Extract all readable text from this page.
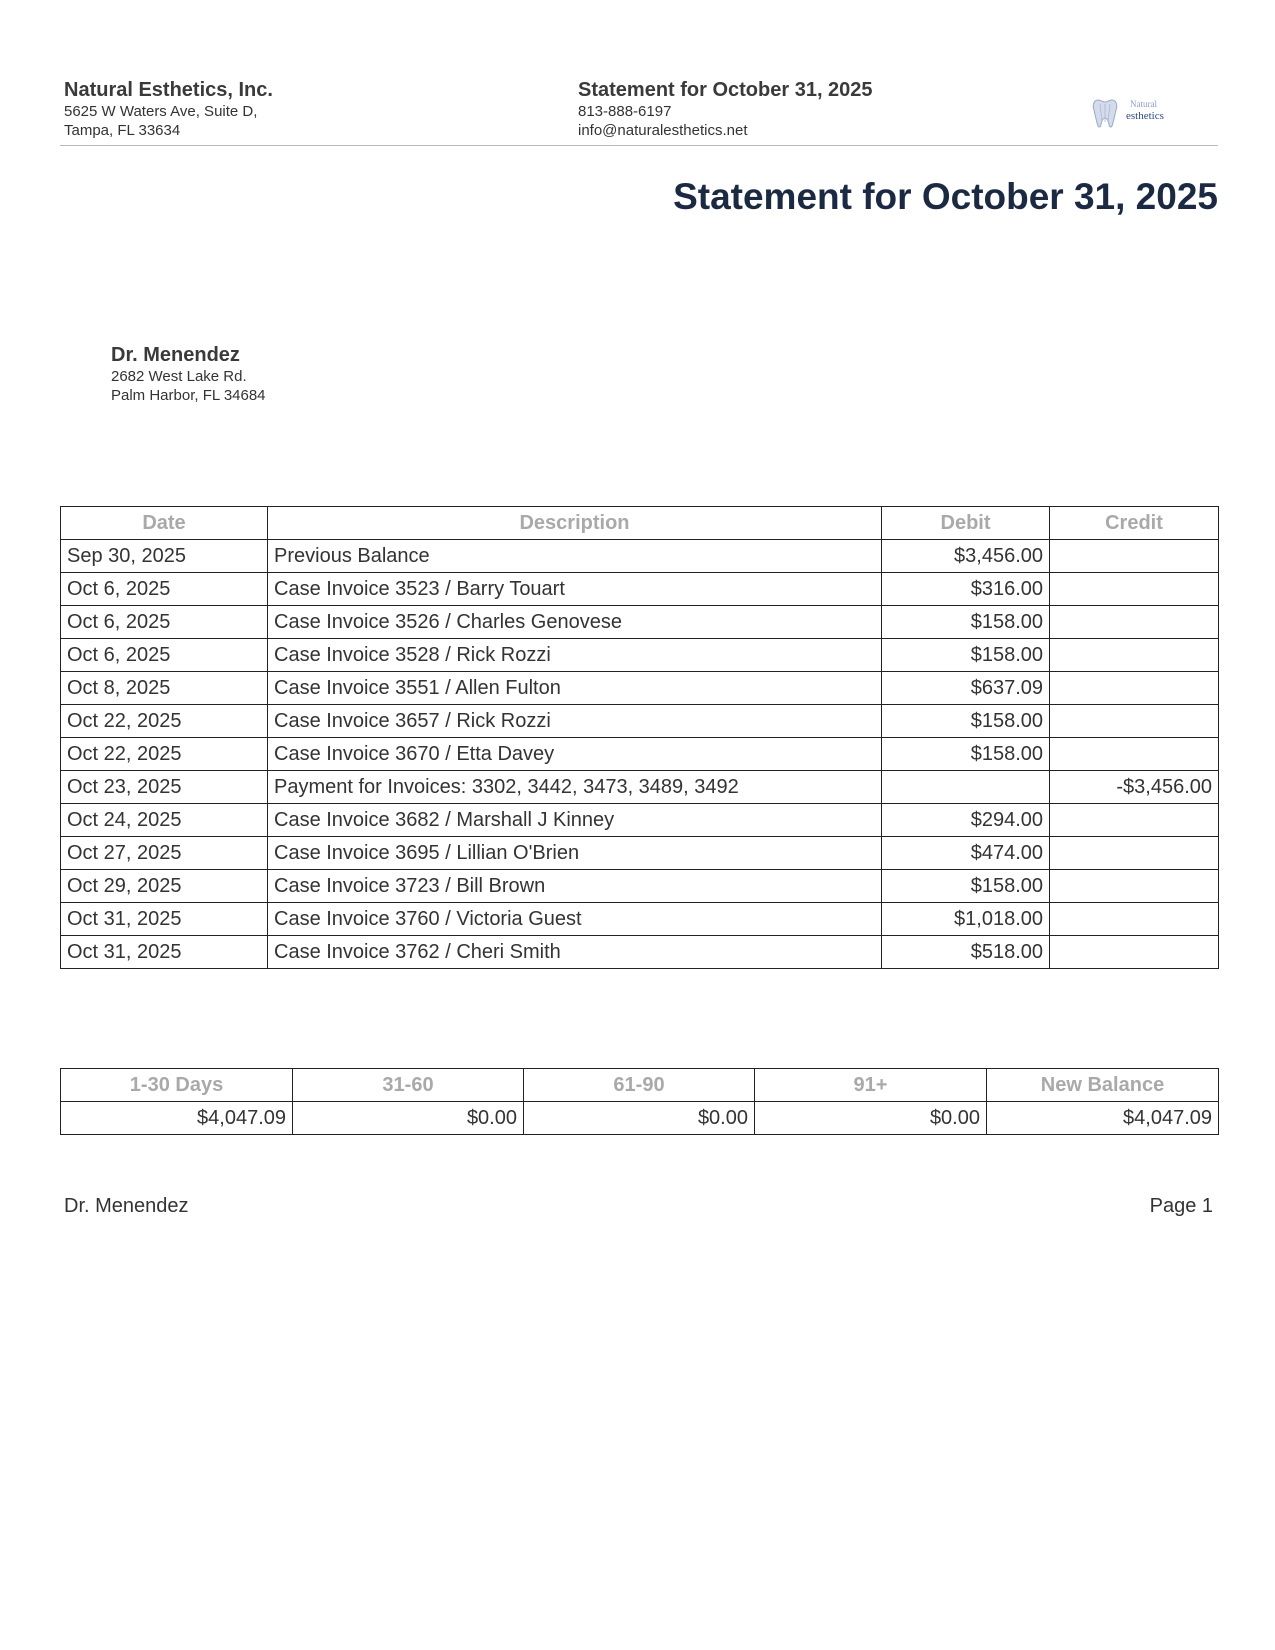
Natural Esthetics, Inc.
5625 W Waters Ave, Suite D,
Tampa, FL 33634
Statement for October 31, 2025
813-888-6197
info@naturalesthetics.net
Natural
esthetics
Statement for October 31, 2025
Dr. Menendez
2682 West Lake Rd.
Palm Harbor, FL 34684
Date	Description	Debit	Credit
Sep 30, 2025	Previous Balance	$3,456.00	
Oct 6, 2025	Case Invoice 3523 / Barry Touart	$316.00	
Oct 6, 2025	Case Invoice 3526 / Charles Genovese	$158.00	
Oct 6, 2025	Case Invoice 3528 / Rick Rozzi	$158.00	
Oct 8, 2025	Case Invoice 3551 / Allen Fulton	$637.09	
Oct 22, 2025	Case Invoice 3657 / Rick Rozzi	$158.00	
Oct 22, 2025	Case Invoice 3670 / Etta Davey	$158.00	
Oct 23, 2025	Payment for Invoices: 3302, 3442, 3473, 3489, 3492		-$3,456.00
Oct 24, 2025	Case Invoice 3682 / Marshall J Kinney	$294.00	
Oct 27, 2025	Case Invoice 3695 / Lillian O'Brien	$474.00	
Oct 29, 2025	Case Invoice 3723 / Bill Brown	$158.00	
Oct 31, 2025	Case Invoice 3760 / Victoria Guest	$1,018.00	
Oct 31, 2025	Case Invoice 3762 / Cheri Smith	$518.00	
1-30 Days	31-60	61-90	91+	New Balance
$4,047.09	$0.00	$0.00	$0.00	$4,047.09
Dr. Menendez	Page 1
